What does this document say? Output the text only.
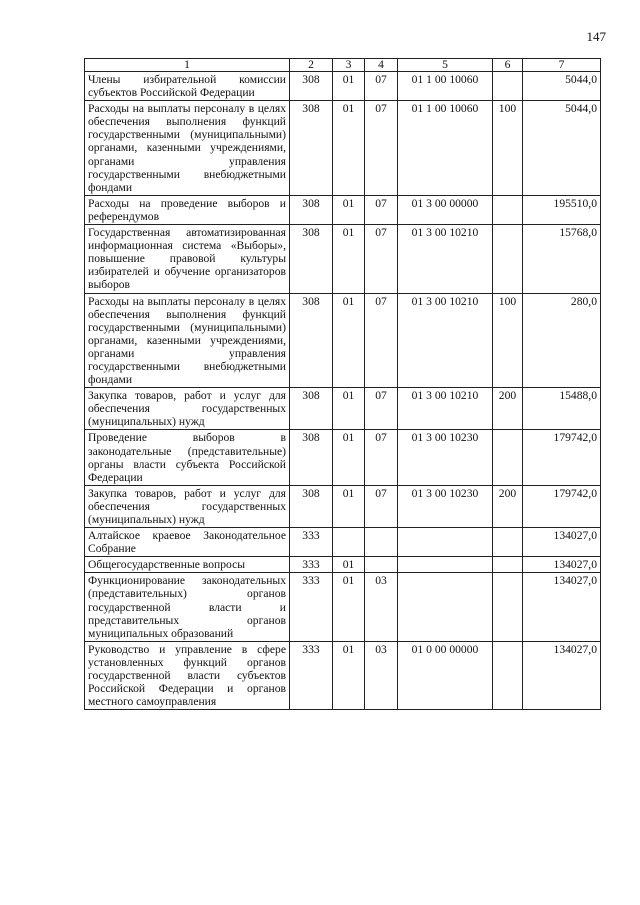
147
1	2	3	4	5	6	7
Члены избирательной комиссии субъектов Российской Федерации	308	01	07	01 1 00 10060		5044,0
Расходы на выплаты персоналу в целях обеспечения выполнения функций государственными (муниципальными) органами, казенными учреждениями, органами управления государственными внебюджетными фондами	308	01	07	01 1 00 10060	100	5044,0
Расходы на проведение выборов и референдумов	308	01	07	01 3 00 00000		195510,0
Государственная автоматизированная информационная система «Выборы», повышение правовой культуры избирателей и обучение организаторов выборов	308	01	07	01 3 00 10210		15768,0
Расходы на выплаты персоналу в целях обеспечения выполнения функций государственными (муниципальными) органами, казенными учреждениями, органами управления государственными внебюджетными фондами	308	01	07	01 3 00 10210	100	280,0
Закупка товаров, работ и услуг для обеспечения государственных (муниципальных) нужд	308	01	07	01 3 00 10210	200	15488,0
Проведение выборов в законодательные (представительные) органы власти субъекта Российской Федерации	308	01	07	01 3 00 10230		179742,0
Закупка товаров, работ и услуг для обеспечения государственных (муниципальных) нужд	308	01	07	01 3 00 10230	200	179742,0
Алтайское краевое Законодательное Собрание	333					134027,0
Общегосударственные вопросы	333	01				134027,0
Функционирование законодательных (представительных) органов государственной власти и представительных органов муниципальных образований	333	01	03			134027,0
Руководство и управление в сфере установленных функций органов государственной власти субъектов Российской Федерации и органов местного самоуправления	333	01	03	01 0 00 00000		134027,0
